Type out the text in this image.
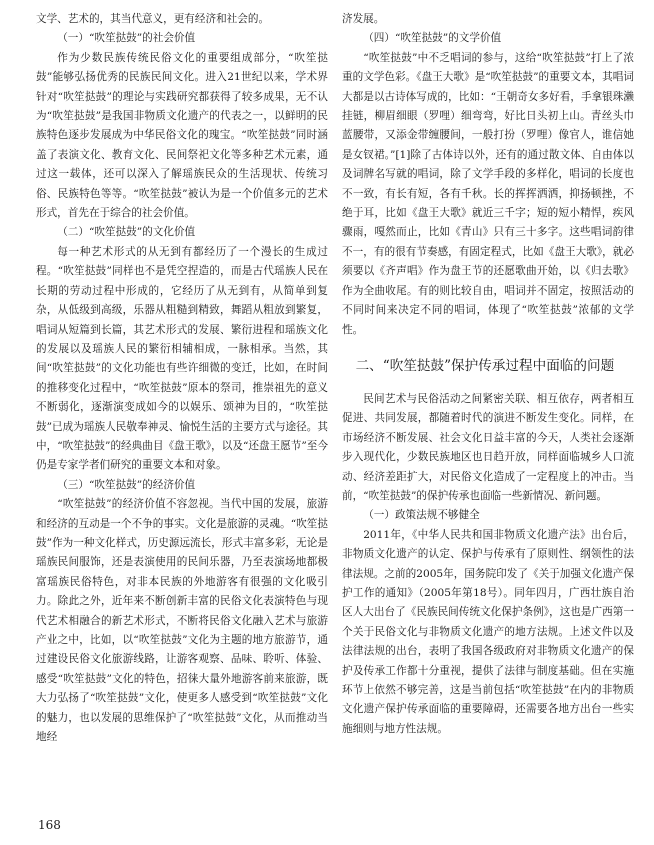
文学、艺术的，其当代意义，更有经济和社会的。

（一）“吹笙挞鼓”的社会价值

作为少数民族传统民俗文化的重要组成部分，“吹笙挞鼓”能够弘扬优秀的民族民间文化。进入21世纪以来，学术界针对“吹笙挞鼓”的理论与实践研究都获得了较多成果，无不认为“吹笙挞鼓”是我国非物质文化遗产的代表之一，以鲜明的民族特色逐步发展成为中华民俗文化的瑰宝。“吹笙挞鼓”同时涵盖了表演文化、教育文化、民间祭祀文化等多种艺术元素，通过这一载体，还可以深入了解瑶族民众的生活现状、传统习俗、民族特色等等。“吹笙挞鼓”被认为是一个价值多元的艺术形式，首先在于综合的社会价值。

（二）“吹笙挞鼓”的文化价值

每一种艺术形式的从无到有都经历了一个漫长的生成过程。“吹笙挞鼓”同样也不是凭空捏造的，而是古代瑶族人民在长期的劳动过程中形成的，它经历了从无到有，从简单到复杂，从低级到高级，乐器从粗糙到精致，舞蹈从粗放到繁复，唱词从短篇到长篇，其艺术形式的发展、繁衍进程和瑶族文化的发展以及瑶族人民的繁衍相辅相成，一脉相承。当然，其间“吹笙挞鼓”的文化功能也有些许细微的变迁，比如，在时间的推移变化过程中，“吹笙挞鼓”原本的祭司，推崇祖先的意义不断弱化，逐渐演变成如今的以娱乐、颂神为目的，“吹笙挞鼓”已成为瑶族人民敬奉神灵、愉悦生活的主要方式与途径。其中，“吹笙挞鼓”的经典曲目《盘王歌》，以及“还盘王愿节”至今仍是专家学者们研究的重要文本和对象。

（三）“吹笙挞鼓”的经济价值

“吹笙挞鼓”的经济价值不容忽视。当代中国的发展，旅游和经济的互动是一个不争的事实。文化是旅游的灵魂。“吹笙挞鼓”作为一种文化样式，历史源远流长，形式丰富多彩，无论是瑶族民间服饰，还是表演使用的民间乐器，乃至表演场地都极富瑶族民俗特色，对非本民族的外地游客有很强的文化吸引力。除此之外，近年来不断创新丰富的民俗文化表演特色与现代艺术相融合的新艺术形式，不断将民俗文化融入艺术与旅游产业之中，比如，以“吹笙挞鼓”文化为主题的地方旅游节，通过建设民俗文化旅游线路，让游客观察、品味、聆听、体验、感受“吹笙挞鼓”文化的特色，招徕大量外地游客前来旅游，既大力弘扬了“吹笙挞鼓”文化，使更多人感受到“吹笙挞鼓”文化的魅力，也以发展的思维保护了“吹笙挞鼓”文化，从而推动当地经

济发展。

（四）“吹笙挞鼓”的文学价值

“吹笙挞鼓”中不乏唱词的参与，这给“吹笙挞鼓”打上了浓重的文学色彩。《盘王大歌》是“吹笙挞鼓”的重要文本，其唱词大都是以古诗体写成的，比如：“王朝奇女多好看，手拿银珠濑挂链，柳眉细眼（罗哩）细弯弯，好比日头初上山。青丝头巾蓝腰带，又添金带缠腰间，一般打扮（罗哩）像官人，谁信她是女钗裙。”[1]除了古体诗以外，还有的通过散文体、自由体以及词牌名写就的唱词，除了文学手段的多样化，唱词的长度也不一致，有长有短，各有千秋。长的挥挥洒洒，抑扬顿挫，不绝于耳，比如《盘王大歌》就近三千字；短的短小精悍，疾风骤雨，嘎然而止，比如《青山》只有三十多字。这些唱词韵律不一，有的很有节奏感，有固定程式，比如《盘王大歌》，就必须要以《齐声唱》作为盘王节的还愿歌曲开始，以《归去歌》作为全曲收尾。有的则比较自由，唱词并不固定，按照活动的不同时间来决定不同的唱词，体现了“吹笙挞鼓”浓郁的文学性。

二、“吹笙挞鼓”保护传承过程中面临的问题

民间艺术与民俗活动之间紧密关联、相互依存，两者相互促进、共同发展，都随着时代的演进不断发生变化。同样，在市场经济不断发展、社会文化日益丰富的今天，人类社会逐渐步入现代化，少数民族地区也日趋开放，同样面临城乡人口流动、经济差距扩大，对民俗文化造成了一定程度上的冲击。当前，“吹笙挞鼓”的保护传承也面临一些新情况、新问题。

（一）政策法规不够健全

2011年，《中华人民共和国非物质文化遗产法》出台后，非物质文化遗产的认定、保护与传承有了原则性、纲领性的法律法规。之前的2005年，国务院印发了《关于加强文化遗产保护工作的通知》（2005年第18号）。同年四月，广西壮族自治区人大出台了《民族民间传统文化保护条例》，这也是广西第一个关于民俗文化与非物质文化遗产的地方法规。上述文件以及法律法规的出台，表明了我国各级政府对非物质文化遗产的保护及传承工作都十分重视，提供了法律与制度基础。但在实施环节上依然不够完善，这是当前包括“吹笙挞鼓”在内的非物质文化遗产保护传承面临的重要障碍，还需要各地方出台一些实施细则与地方性法规。

168
